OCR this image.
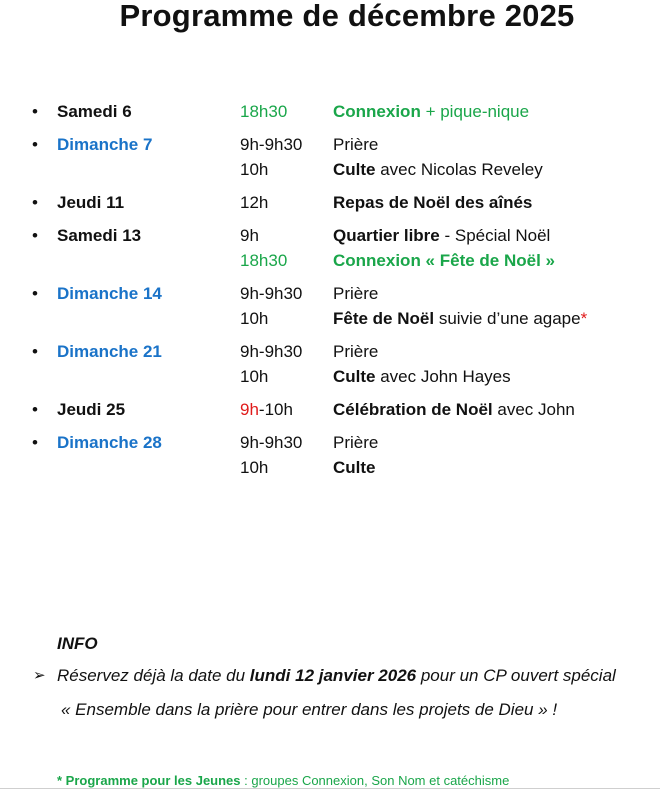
Programme de décembre 2025
• Samedi 6	18h30	Connexion + pique-nique
• Dimanche 7	9h-9h30 Prière
10h	Culte avec Nicolas Reveley
• Jeudi 11	12h	Repas de Noël des aînés
• Samedi 13	9h	Quartier libre - Spécial Noël
18h30	Connexion « Fête de Noël »
• Dimanche 14	9h-9h30 Prière
10h	Fête de Noël suivie d’une agape*
• Dimanche 21	9h-9h30 Prière
10h	Culte avec John Hayes
• Jeudi 25	9h-10h Célébration de Noël avec John
• Dimanche 28	9h-9h30 Prière
10h	Culte
INFO
➢ Réservez déjà la date du lundi 12 janvier 2026 pour un CP ouvert spécial
« Ensemble dans la prière pour entrer dans les projets de Dieu » !
* Programme pour les Jeunes : groupes Connexion, Son Nom et catéchisme
